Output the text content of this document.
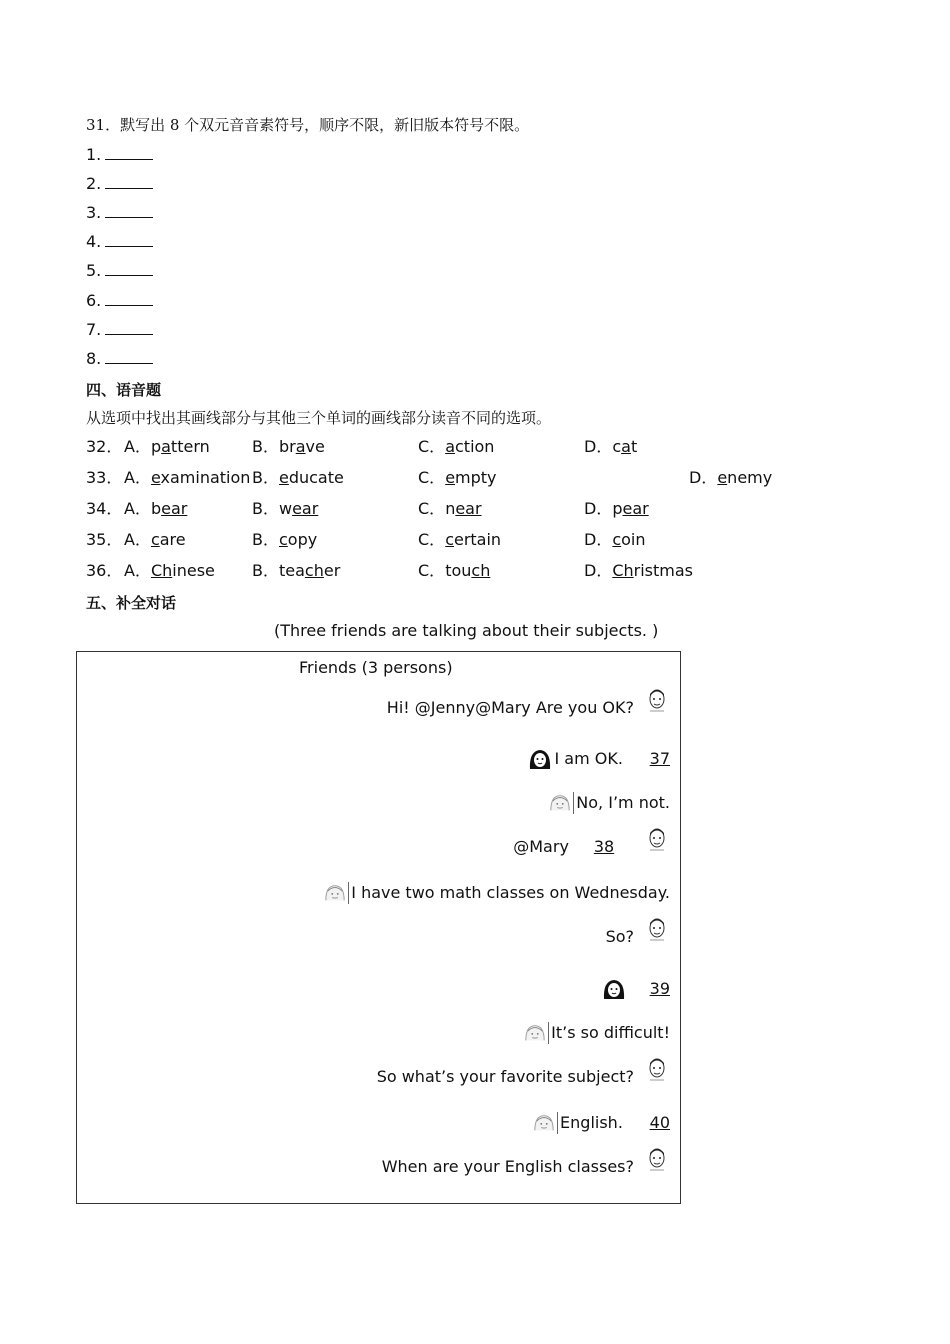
31．默写出 8 个双元音音素符号，顺序不限，新旧版本符号不限。
1.
2.
3.
4.
5.
6.
7.
8.
四、语音题
从选项中找出其画线部分与其他三个单词的画线部分读音不同的选项。
32． A．pattern	B．brave	C．action	D．cat
33． A．examination B．educate	C．empty	D．enemy
34． A．bear	B．wear	C．near	D．pear
35． A．care	B．copy	C．certain	D．coin
36． A．Chinese B．teacher	C．touch	D．Christmas
五、补全对话
(Three friends are talking about their subjects. )
Friends (3 persons)
Hi! @Jenny@Mary Are you OK?
I am OK.	37
No, I’m not.
@Mary	38
I have two math classes on Wednesday.
So?
39
It’s so difficult!
So what’s your favorite subject?
English.	40
When are your English classes?
